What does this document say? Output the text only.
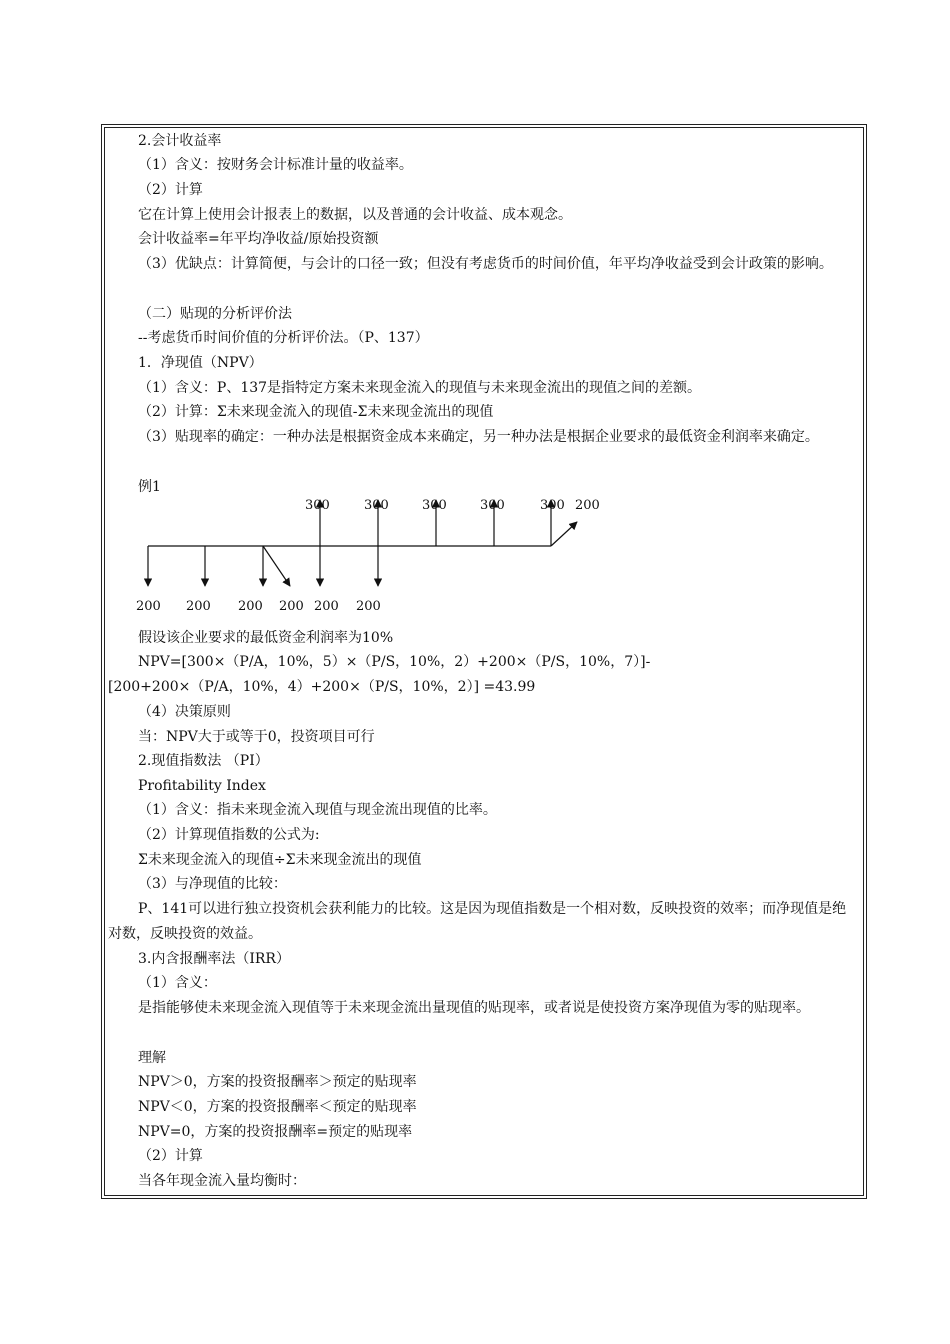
2.会计收益率
（1）含义：按财务会计标准计量的收益率。
（2）计算
它在计算上使用会计报表上的数据，以及普通的会计收益、成本观念。
会计收益率=年平均净收益/原始投资额
（3）优缺点：计算简便，与会计的口径一致；但没有考虑货币的时间价值，年平均净收益受到会计政策的影响。
（二）贴现的分析评价法
--考虑货币时间价值的分析评价法。（P、137）
1．净现值（NPV）
（1）含义：P、137是指特定方案未来现金流入的现值与未来现金流出的现值之间的差额。
（2）计算：Σ未来现金流入的现值-Σ未来现金流出的现值
（3）贴现率的确定：一种办法是根据资金成本来确定，另一种办法是根据企业要求的最低资金利润率来确定。
例1
300	300	300	300	300 200
200 200 200 200 200 200
假设该企业要求的最低资金利润率为10%
NPV=[300×（P/A，10%，5）×（P/S，10%，2）+200×（P/S，10%，7）]-
[200+200×（P/A，10%，4）+200×（P/S，10%，2）] =43.99
（4）决策原则
当：NPV大于或等于0，投资项目可行
2.现值指数法 （PI）
Profitability Index
（1）含义：指未来现金流入现值与现金流出现值的比率。
（2）计算现值指数的公式为:
Σ未来现金流入的现值÷Σ未来现金流出的现值
（3）与净现值的比较：
P、141可以进行独立投资机会获利能力的比较。这是因为现值指数是一个相对数，反映投资的效率；而净现值是绝对数，反映投资的效益。
3.内含报酬率法（IRR）
（1）含义：
是指能够使未来现金流入现值等于未来现金流出量现值的贴现率，或者说是使投资方案净现值为零的贴现率。
理解
NPV＞0，方案的投资报酬率＞预定的贴现率
NPV＜0，方案的投资报酬率＜预定的贴现率
NPV=0，方案的投资报酬率=预定的贴现率
（2）计算
当各年现金流入量均衡时：
